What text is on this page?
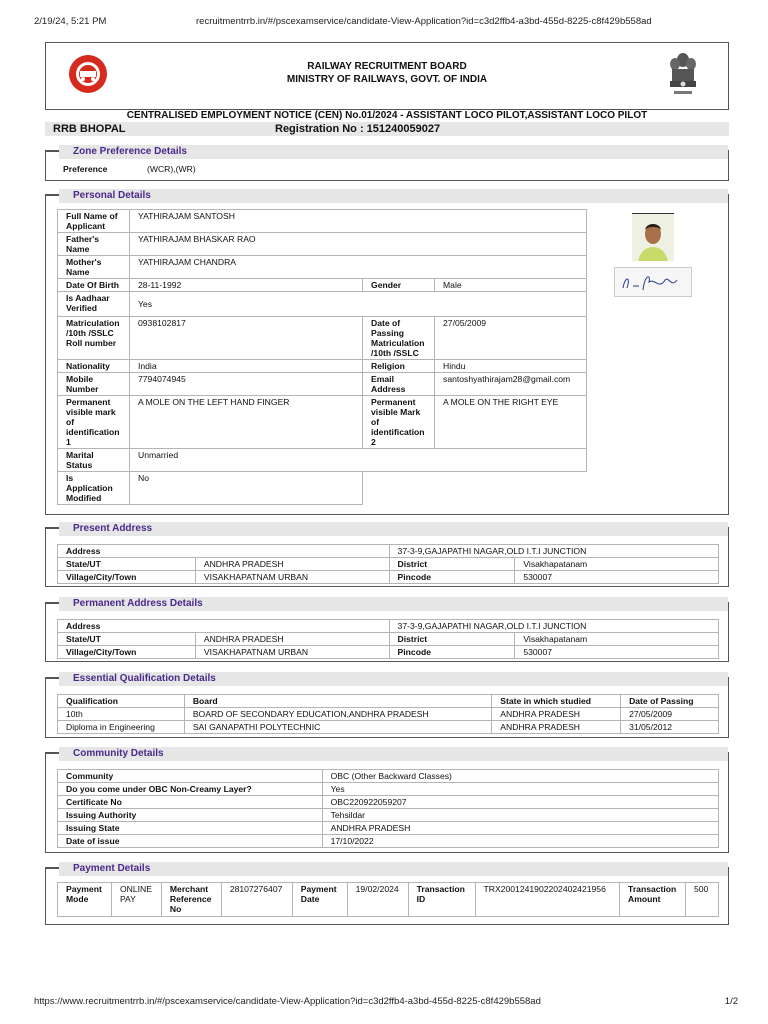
2/19/24, 5:21 PM	recruitmentrrb.in/#/pscexamservice/candidate-View-Application?id=c3d2ffb4-a3bd-455d-8225-c8f429b558ad
RAILWAY RECRUITMENT BOARD
MINISTRY OF RAILWAYS, GOVT. OF INDIA
CENTRALISED EMPLOYMENT NOTICE (CEN) No.01/2024 - ASSISTANT LOCO PILOT,ASSISTANT LOCO PILOT
RRB BHOPAL	Registration No : 151240059027
Zone Preference Details
Preference	(WCR),(WR)
Personal Details
Full Name of Applicant	YATHIRAJAM SANTOSH		
Father's Name	YATHIRAJAM BHASKAR RAO		
Mother's Name	YATHIRAJAM CHANDRA		
Date Of Birth	28-11-1992	Gender	Male
Is Aadhaar Verified	Yes		
Matriculation /10th /SSLC Roll number	0938102817	Date of Passing Matriculation /10th /SSLC	27/05/2009
Nationality	India	Religion	Hindu
Mobile Number	7794074945	Email Address	santoshyathirajam28@gmail.com
Permanent visible mark of identification 1	A MOLE ON THE LEFT HAND FINGER	Permanent visible Mark of identification 2	A MOLE ON THE RIGHT EYE
Marital Status	Unmarried		
Is Application Modified	No		
Present Address
Address		37-3-9,GAJAPATHI NAGAR,OLD I.T.I JUNCTION	
State/UT	ANDHRA PRADESH	District	Visakhapatanam
Village/City/Town	VISAKHAPATNAM URBAN	Pincode	530007
Permanent Address Details
Address		37-3-9,GAJAPATHI NAGAR,OLD I.T.I JUNCTION	
State/UT	ANDHRA PRADESH	District	Visakhapatanam
Village/City/Town	VISAKHAPATNAM URBAN	Pincode	530007
Essential Qualification Details
Qualification	Board	State in which studied	Date of Passing
10th	BOARD OF SECONDARY EDUCATION,ANDHRA PRADESH	ANDHRA PRADESH	27/05/2009
Diploma in Engineering	SAI GANAPATHI POLYTECHNIC	ANDHRA PRADESH	31/05/2012
Community Details
Community	OBC (Other Backward Classes)
Do you come under OBC Non-Creamy Layer?	Yes
Certificate No	OBC220922059207
Issuing Authority	Tehsildar
Issuing State	ANDHRA PRADESH
Date of issue	17/10/2022
Payment Details
Payment Mode	ONLINE PAY	Merchant Reference No	28107276407	Payment Date	19/02/2024	Transaction ID	TRX200124190220240242195​6	Transaction Amount	500
https://www.recruitmentrrb.in/#/pscexamservice/candidate-View-Application?id=c3d2ffb4-a3bd-455d-8225-c8f429b558ad	1/2
